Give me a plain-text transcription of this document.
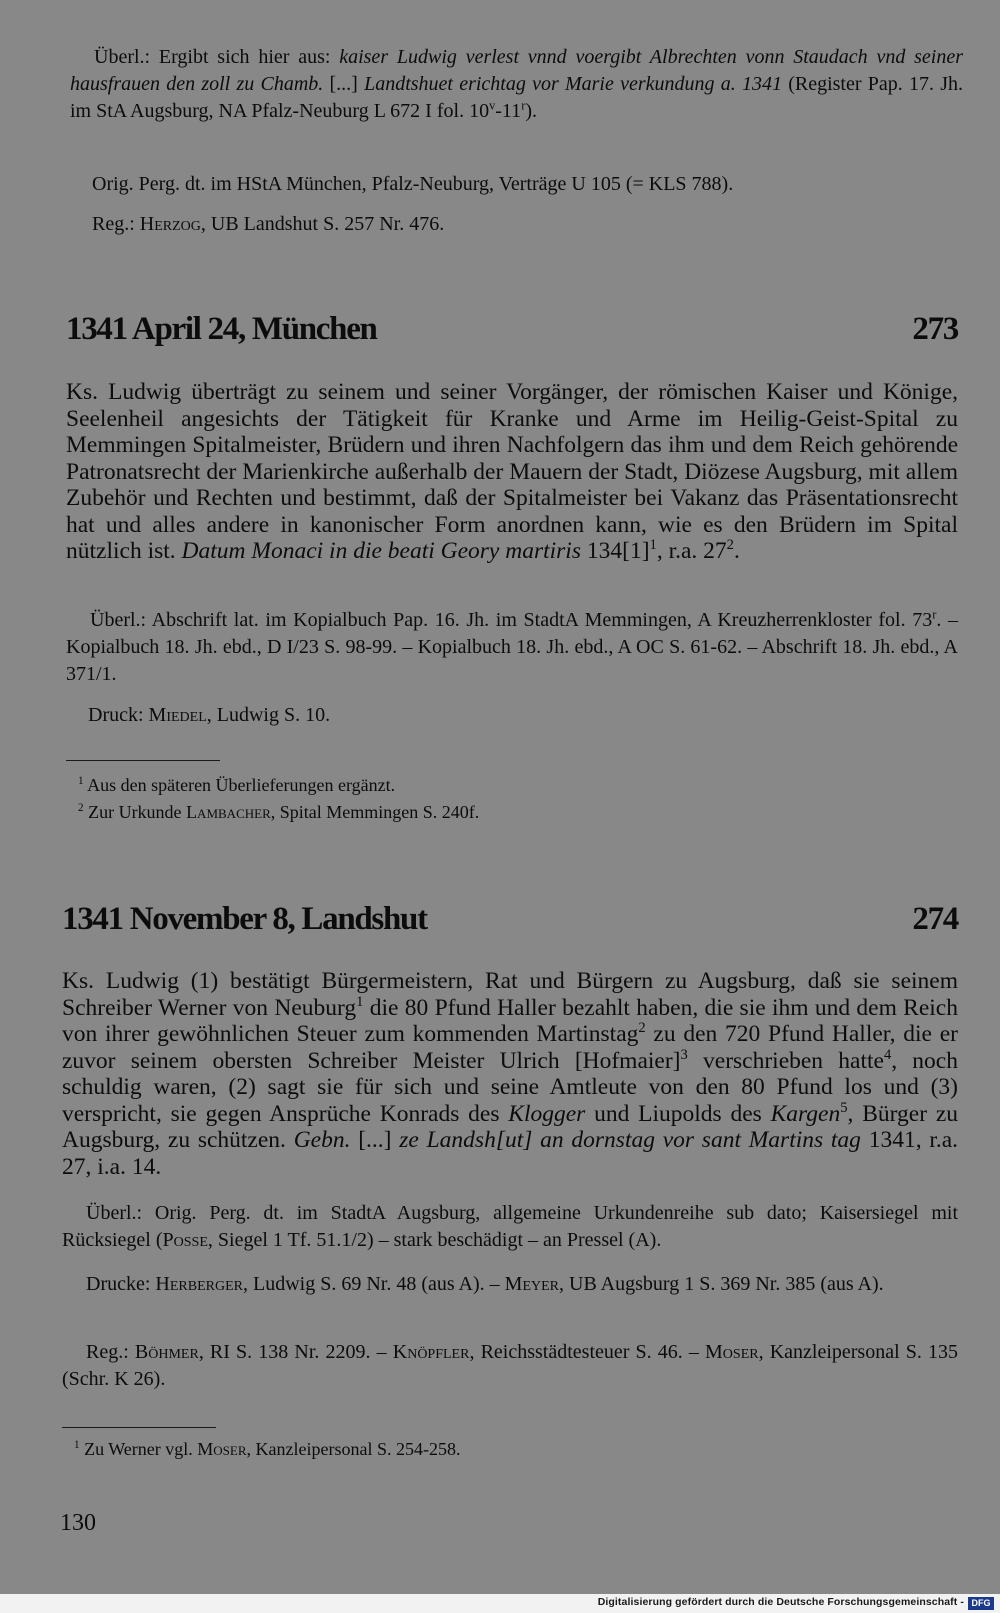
Überl.: Ergibt sich hier aus: kaiser Ludwig verlest vnnd voergibt Albrechten vonn Staudach vnd seiner hausfrauen den zoll zu Chamb. [...] Landtshuet erichtag vor Marie verkundung a. 1341 (Register Pap. 17. Jh. im StA Augsburg, NA Pfalz-Neuburg L 672 I fol. 10$^v$-11$^r$).

Orig. Perg. dt. im HStA München, Pfalz-Neuburg, Verträge U 105 (= KLS 788).

Reg.: Herzog, UB Landshut S. 257 Nr. 476.

1341 April 24, München	273

Ks. Ludwig überträgt zu seinem und seiner Vorgänger, der römischen Kaiser und Könige, Seelenheil angesichts der Tätigkeit für Kranke und Arme im Heilig-Geist-Spital zu Memmingen Spitalmeister, Brüdern und ihren Nachfolgern das ihm und dem Reich gehörende Patronatsrecht der Marienkirche außerhalb der Mauern der Stadt, Diözese Augsburg, mit allem Zubehör und Rechten und bestimmt, daß der Spitalmeister bei Vakanz das Präsentationsrecht hat und alles andere in kanonischer Form anordnen kann, wie es den Brüdern im Spital nützlich ist. Datum Monaci in die beati Geory martiris $134[1]^1$, r.a. $27^2$.

Überl.: Abschrift lat. im Kopialbuch Pap. 16. Jh. im StadtA Memmingen, A Kreuzherrenkloster fol. 73$^r$. – Kopialbuch 18. Jh. ebd., D I/23 S. 98-99. – Kopialbuch 18. Jh. ebd., A OC S. 61-62. – Abschrift 18. Jh. ebd., A 371/1.

Druck: Miedel, Ludwig S. 10.

$^1$ Aus den späteren Überlieferungen ergänzt.
$^2$ Zur Urkunde Lambacher, Spital Memmingen S. 240f.
1341 November 8, Landshut	274

Ks. Ludwig (1) bestätigt Bürgermeistern, Rat und Bürgern zu Augsburg, daß sie seinem Schreiber Werner von Neuburg$^1$ die 80 Pfund Haller bezahlt haben, die sie ihm und dem Reich von ihrer gewöhnlichen Steuer zum kommenden Martinstag$^2$ zu den 720 Pfund Haller, die er zuvor seinem obersten Schreiber Meister Ulrich [Hofmaier]$^3$ verschrieben hatte$^4$, noch schuldig waren, (2) sagt sie für sich und seine Amtleute von den 80 Pfund los und (3) verspricht, sie gegen Ansprüche Konrads des Klogger und Liupolds des Kargen$^5$, Bürger zu Augsburg, zu schützen. Gebn. [...] ze Landsh[ut] an dornstag vor sant Martins tag 1341, r.a. 27, i.a. 14.

Überl.: Orig. Perg. dt. im StadtA Augsburg, allgemeine Urkundenreihe sub dato; Kaisersiegel mit Rücksiegel (Posse, Siegel 1 Tf. 51.1/2) – stark beschädigt – an Pressel (A).

Drucke: Herberger, Ludwig S. 69 Nr. 48 (aus A). – Meyer, UB Augsburg 1 S. 369 Nr. 385 (aus A).

Reg.: Böhmer, RI S. 138 Nr. 2209. – Knöpfler, Reichsstädtesteuer S. 46. – Moser, Kanzleipersonal S. 135 (Schr. K 26).

$^1$ Zu Werner vgl. Moser, Kanzleipersonal S. 254-258.
130
Digitalisierung gefördert durch die Deutsche Forschungsgemeinschaft - DFG
